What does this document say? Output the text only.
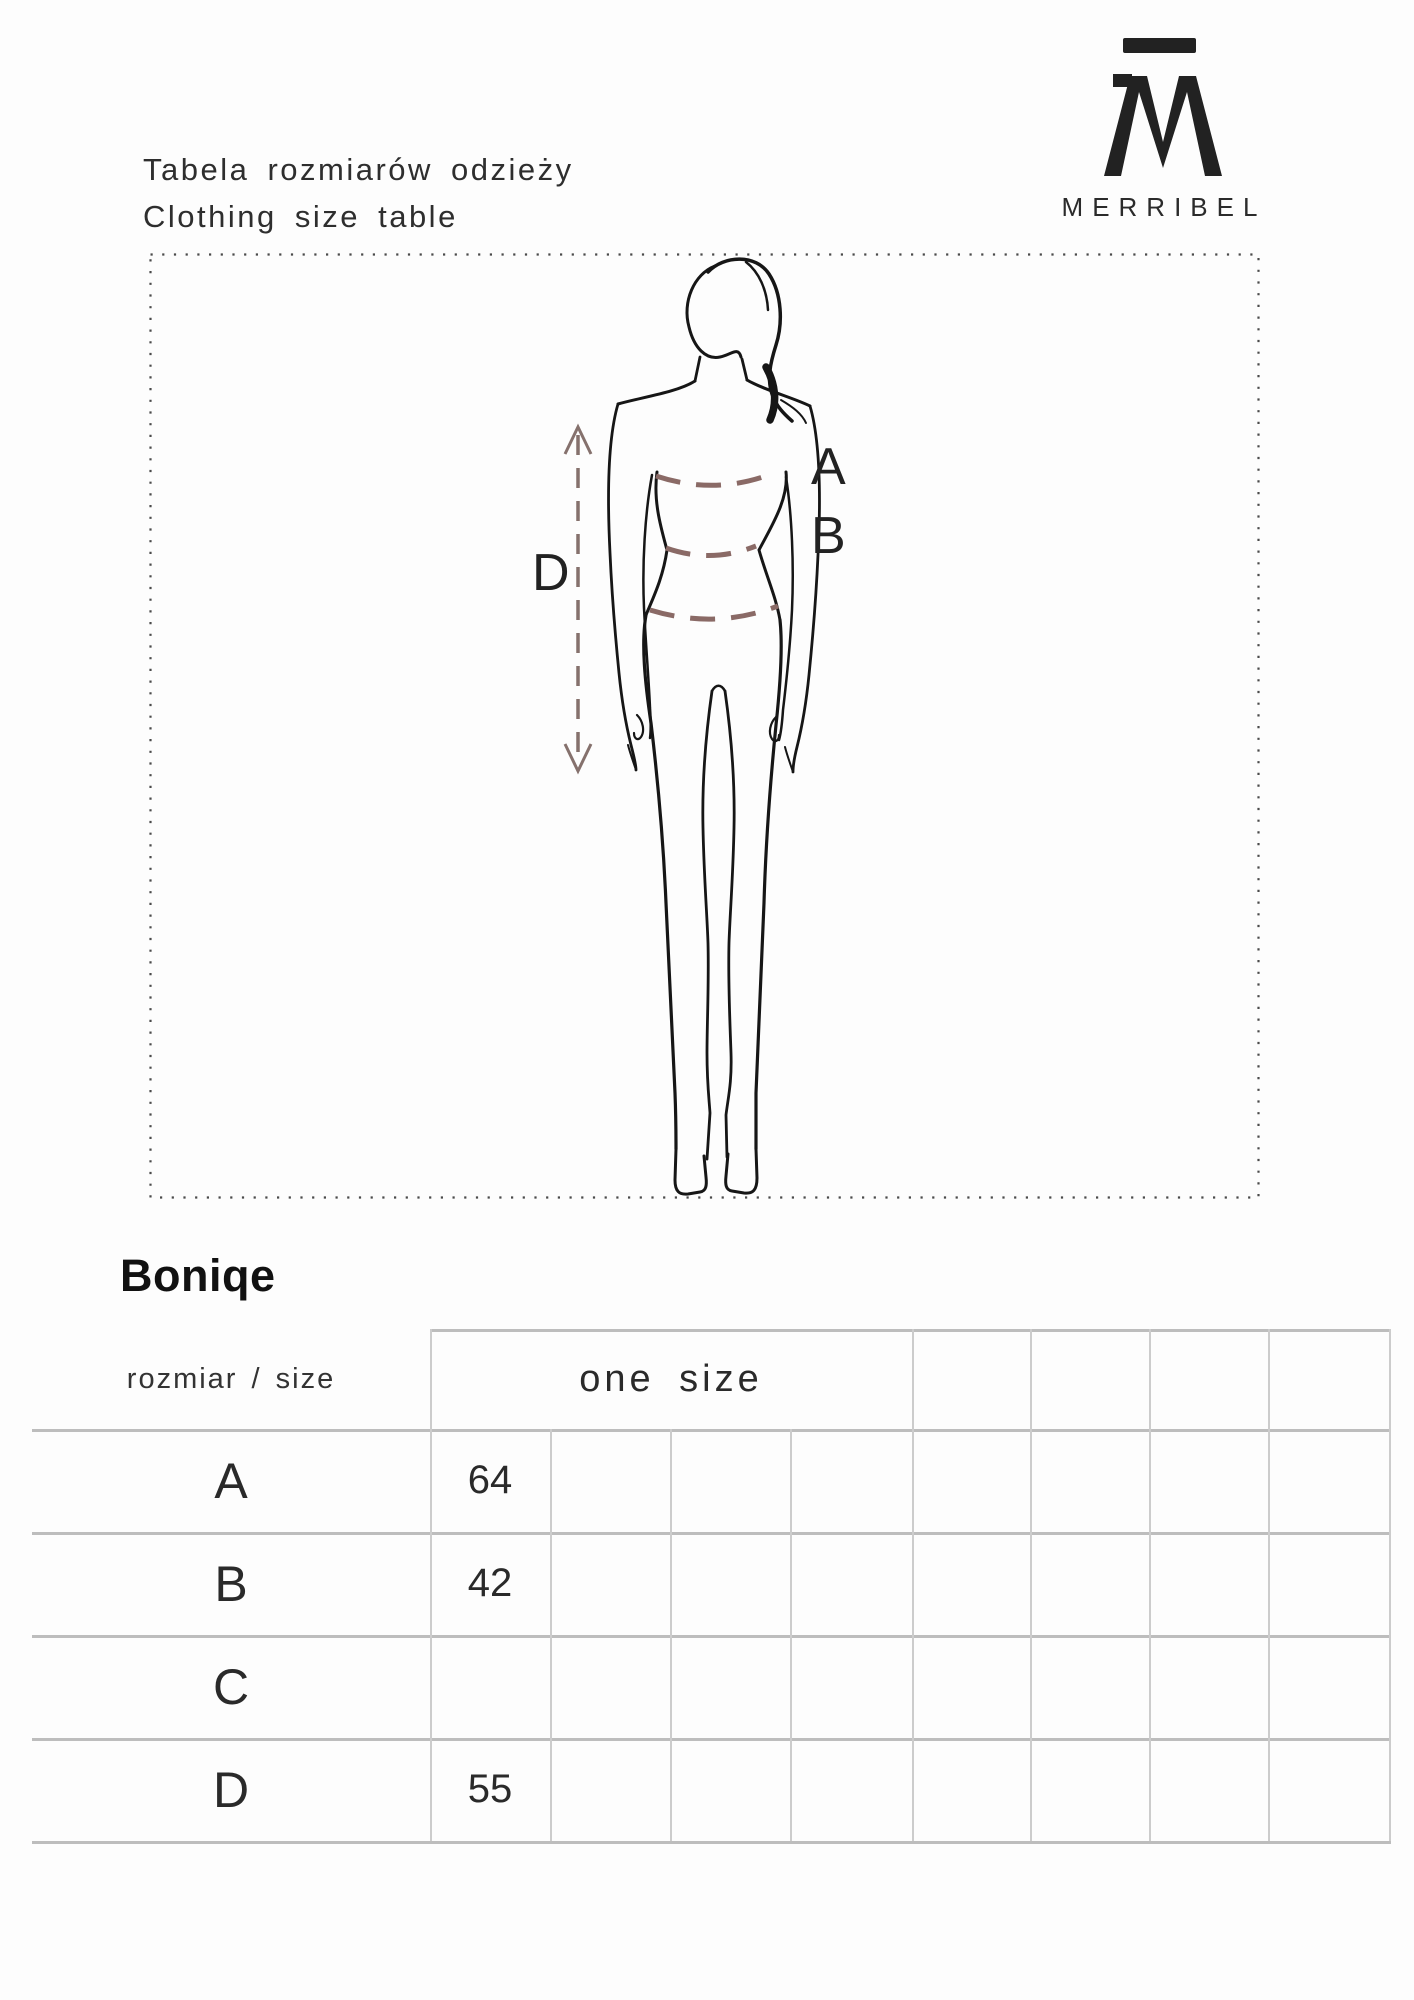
Tabela rozmiarów odzieży
Clothing size table	MERRIBEL
A
B
D
Boniqe
rozmiar / size	one size
A	64
B	42
C
D	55
